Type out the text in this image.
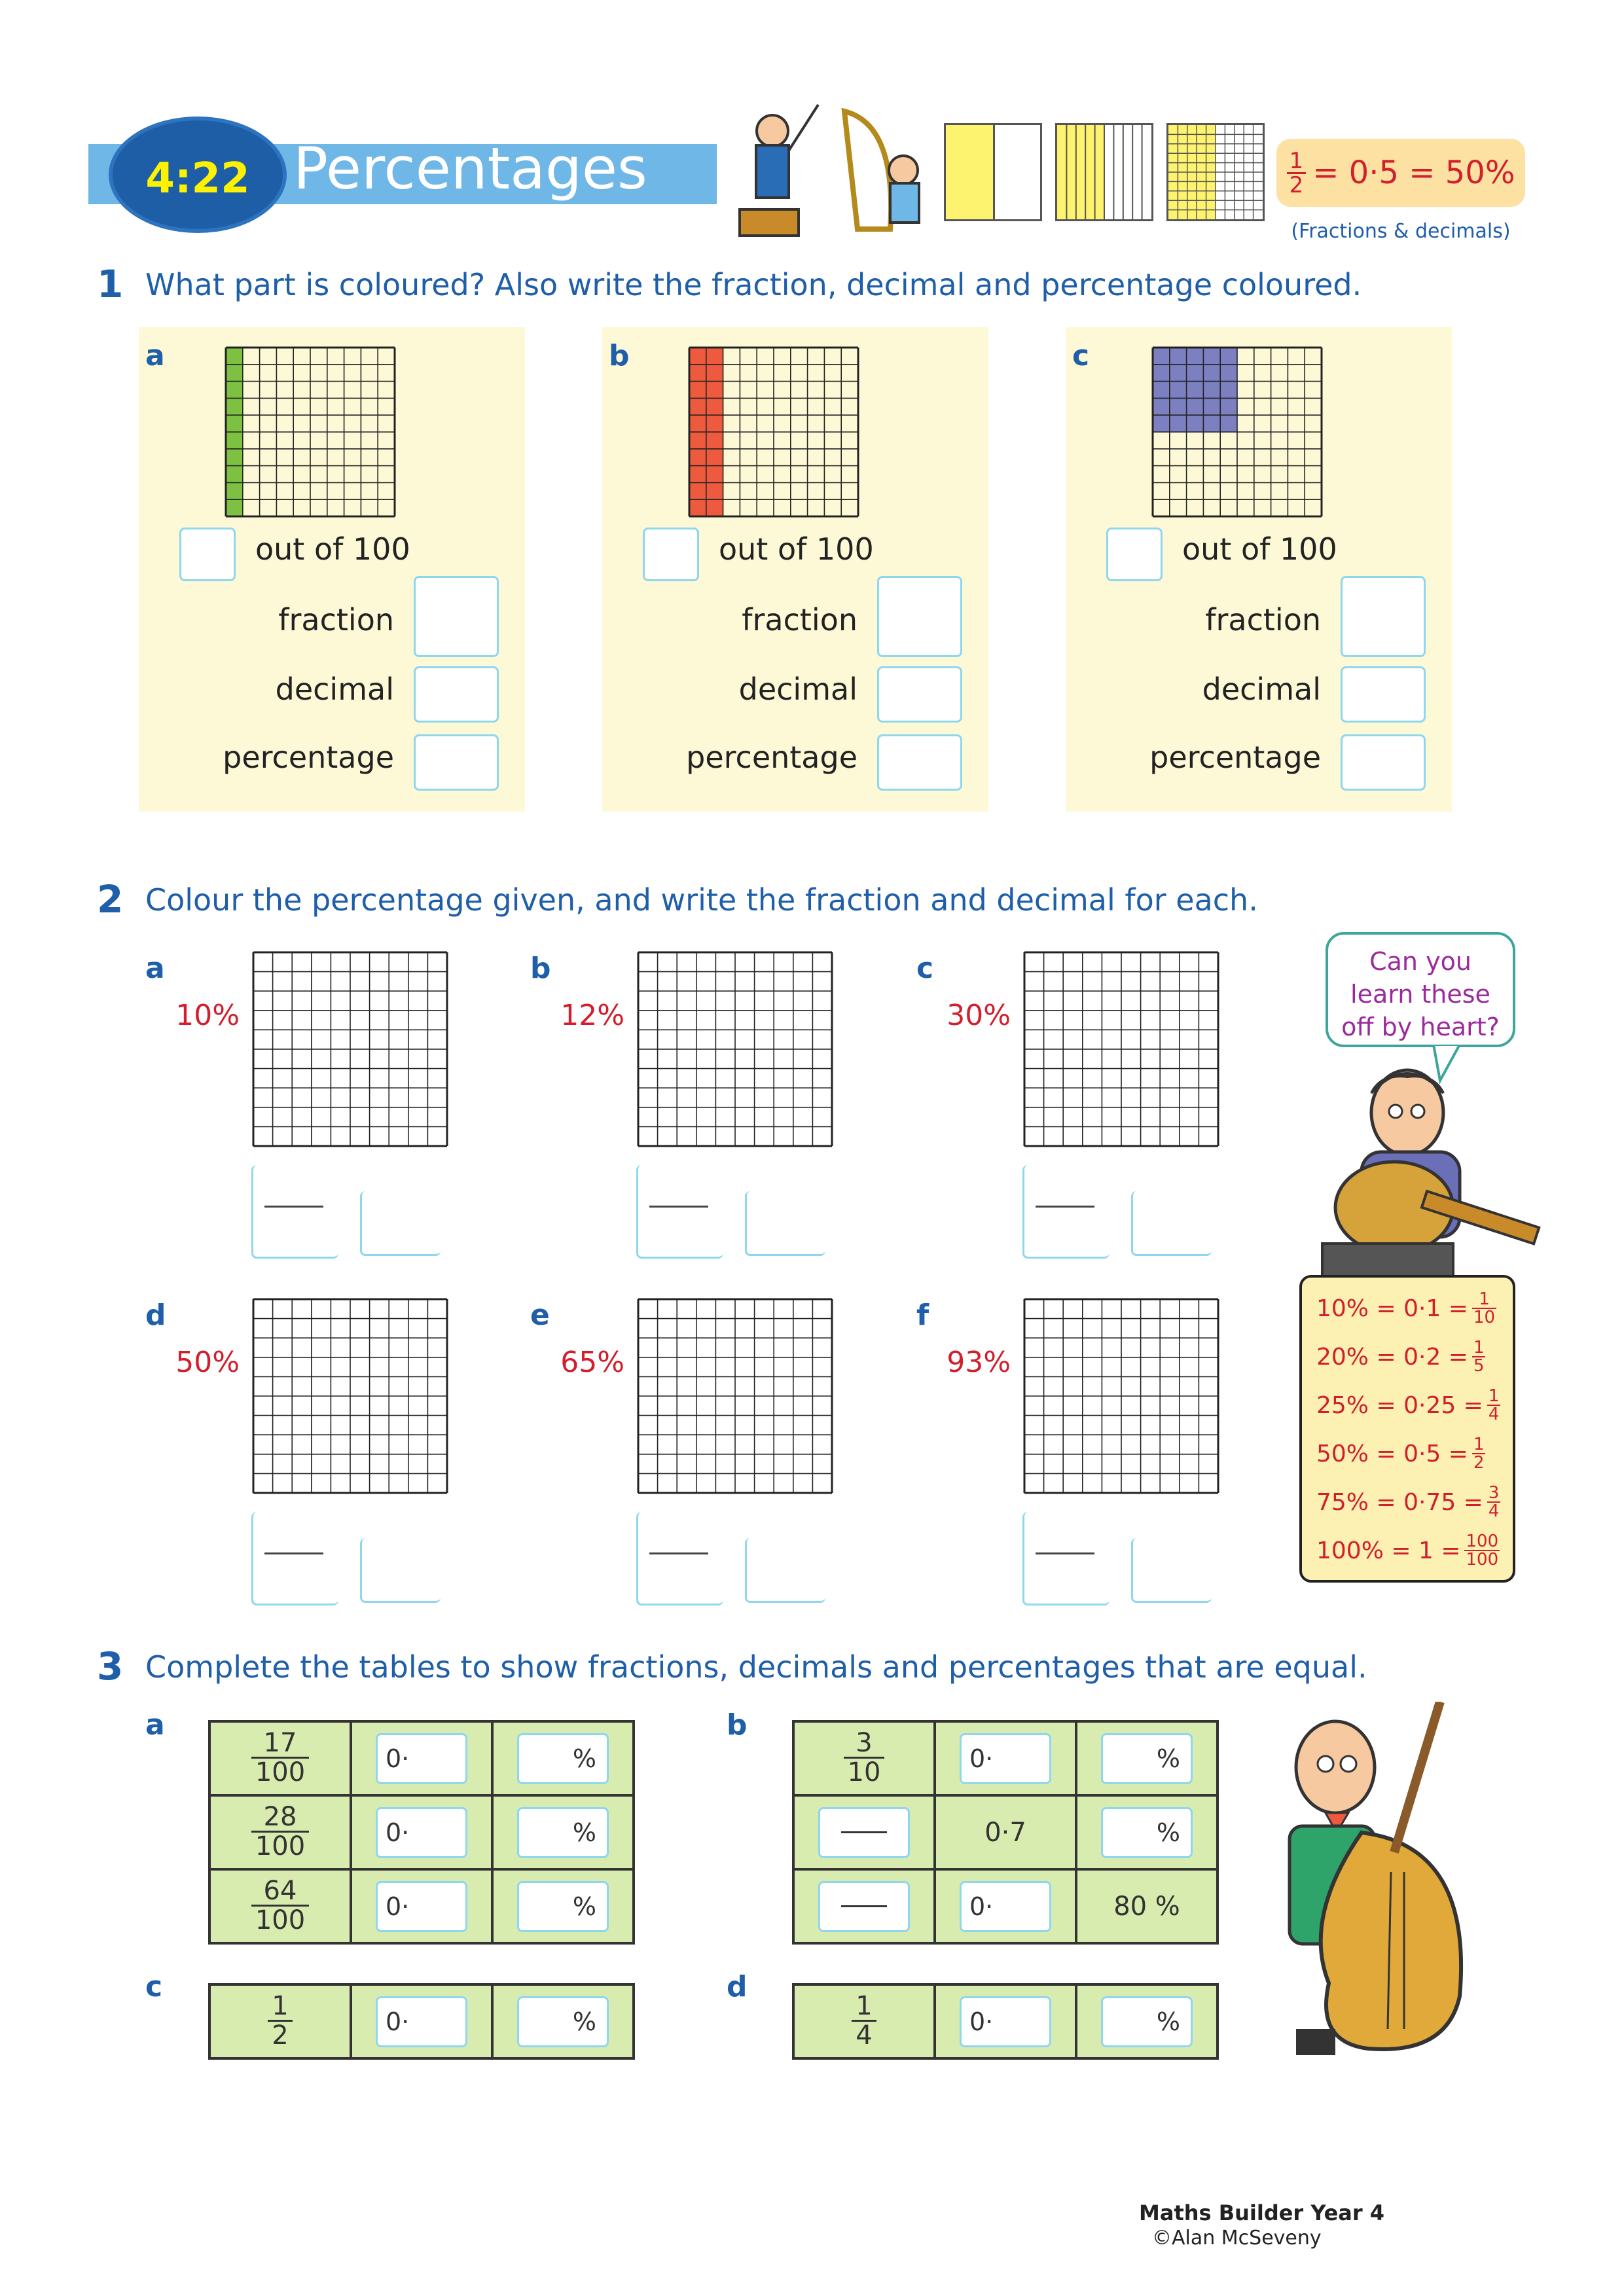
4:22 Percentages	$\frac{1}{2} = 0\cdot 5 = 50\%$
(Fractions & decimals)
1 What part is coloured? Also write the fraction, decimal and percentage coloured.
a
out of 100
fraction
decimal
percentage
b
out of 100
fraction
decimal
percentage
c
out of 100
fraction
decimal
percentage
2 Colour the percentage given, and write the fraction and decimal for each.
a
10%
b
12%
c
30%
d
50%
e
65%
f
93%
Can you
learn these
off by heart?
$10\% = 0\cdot 1 = \frac{1}{10}$
$20\% = 0\cdot 2 = \frac{1}{5}$
$25\% = 0\cdot 25 = \frac{1}{4}$
$50\% = 0\cdot 5 = \frac{1}{2}$
$75\% = 0\cdot 75 = \frac{3}{4}$
$100\% = 1 = \frac{100}{100}$
3 Complete the tables to show fractions, decimals and percentages that are equal.
a
$\frac{17}{100}$	0·	%

$\frac{28}{100}$	0·	%

$\frac{64}{100}$	0·	%
b
$\frac{3}{10}$	0·	%

	0·7	%

	0·	80 %
c
$\frac{1}{2}$	0·	%
d
$\frac{1}{4}$	0·	%
Maths Builder Year 4
©Alan McSeveny
